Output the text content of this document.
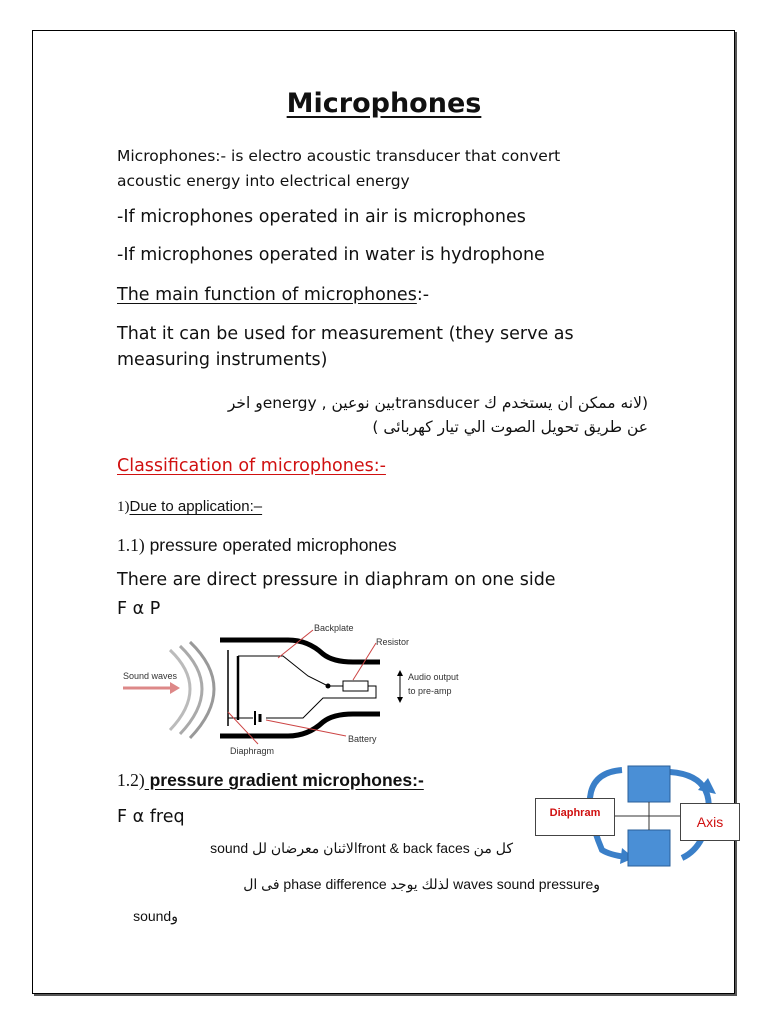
Microphones
Microphones:- is electro acoustic transducer that convert
acoustic energy into electrical energy
-If microphones operated in air is microphones
-If microphones operated in water is hydrophone
The main function of microphones:-
That it can be used for measurement (they serve as
measuring instruments)
(لانه ممكن ان يستخدم ك transducerبين نوعين , energyو اخر
عن طريق تحويل الصوت الي تيار كهربائى )
Classification of microphones:-
1)Due to application:–
1.1) pressure operated microphones
There are direct pressure in diaphram on one side
F α P
Sound waves	Audio output
to pre-amp
Backplate
Resistor
Battery
Diaphragm
1.2) pressure gradient microphones:-
F α freq
كل من front & back facesالاثنان معرضان لل sound
وwaves sound pressure لذلك يوجد phase difference فى ال
وsound
Diaphram
Axis
